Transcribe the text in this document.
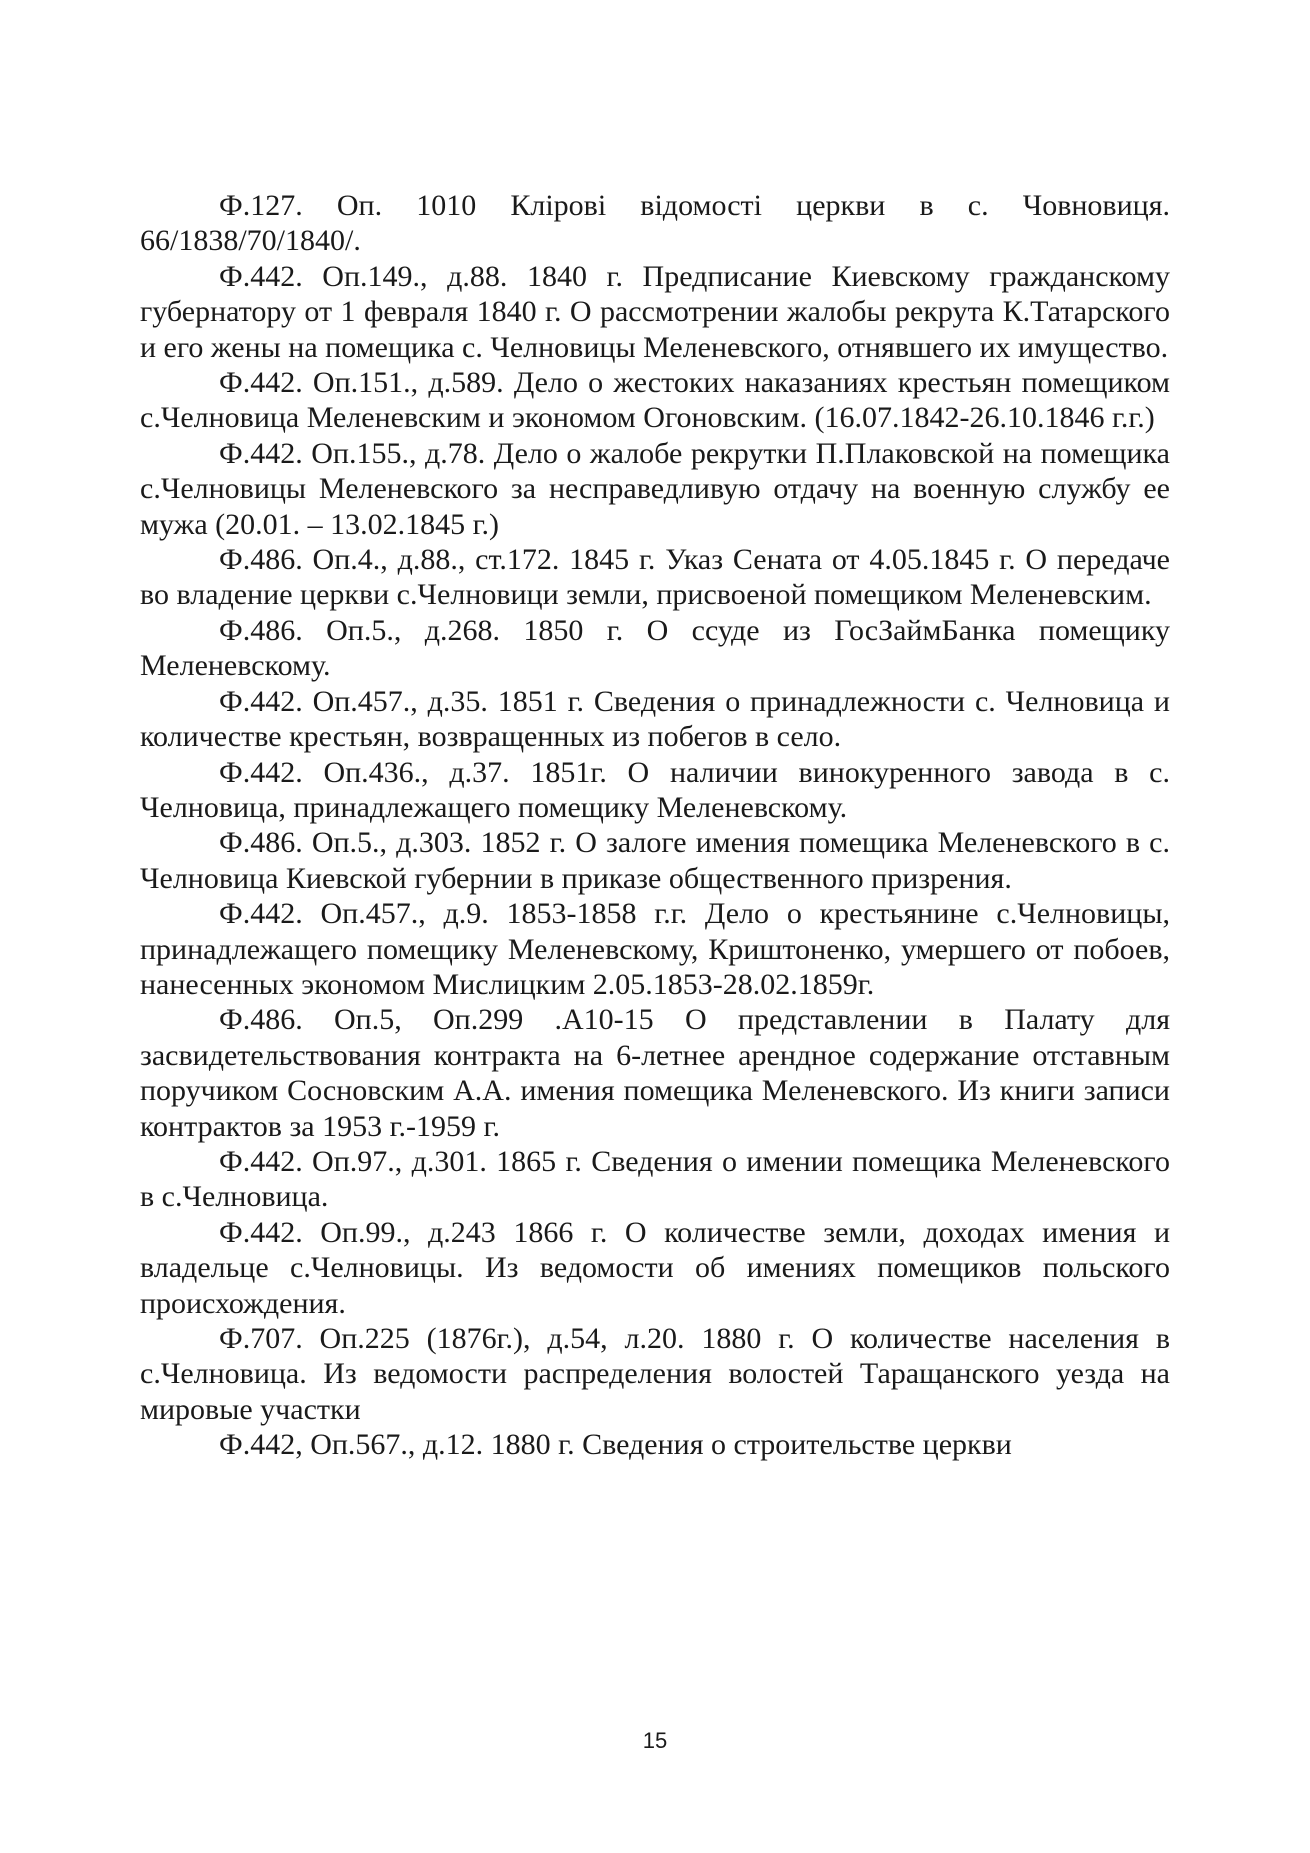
Ф.127. Оп. 1010 Клірові відомості церкви в с. Човновиця. 66/1838/70/1840/.

Ф.442. Оп.149., д.88. 1840 г. Предписание Киевскому гражданскому губернатору от 1 февраля 1840 г. О рассмотрении жалобы рекрута К.Татарского и его жены на помещика с. Челновицы Меленевского, отнявшего их имущество.

Ф.442. Оп.151., д.589. Дело о жестоких наказаниях крестьян помещиком с.Челновица Меленевским и экономом Огоновским. (16.07.1842-26.10.1846 г.г.)

Ф.442. Оп.155., д.78. Дело о жалобе рекрутки П.Плаковской на помещика с.Челновицы Меленевского за несправедливую отдачу на военную службу ее мужа (20.01. – 13.02.1845 г.)

Ф.486. Оп.4., д.88., ст.172. 1845 г. Указ Сената от 4.05.1845 г. О передаче во владение церкви с.Челновици земли, присвоеной помещиком Меленевским.

Ф.486. Оп.5., д.268. 1850 г. О ссуде из ГосЗаймБанка помещику Меленевскому.

Ф.442. Оп.457., д.35. 1851 г. Сведения о принадлежности с. Челновица и количестве крестьян, возвращенных из побегов в село.

Ф.442. Оп.436., д.37. 1851г. О наличии винокуренного завода в с. Челновица, принадлежащего помещику Меленевскому.

Ф.486. Оп.5., д.303. 1852 г. О залоге имения помещика Меленевского в с. Челновица Киевской губернии в приказе общественного призрения.

Ф.442. Оп.457., д.9. 1853-1858 г.г. Дело о крестьянине с.Челновицы, принадлежащего помещику Меленевскому, Криштоненко, умершего от побоев, нанесенных экономом Мислицким 2.05.1853-28.02.1859г.

Ф.486. Оп.5, Оп.299 .А10-15 О представлении в Палату для засвидетельствования контракта на 6-летнее арендное содержание отставным поручиком Сосновским А.А. имения помещика Меленевского. Из книги записи контрактов за 1953 г.-1959 г.

Ф.442. Оп.97., д.301. 1865 г. Сведения о имении помещика Меленевского в с.Челновица.

Ф.442. Оп.99., д.243 1866 г. О количестве земли, доходах имения и владельце с.Челновицы. Из ведомости об имениях помещиков польского происхождения.

Ф.707. Оп.225 (1876г.), д.54, л.20. 1880 г. О количестве населения в с.Челновица. Из ведомости распределения волостей Таращанского уезда на мировые участки

Ф.442, Оп.567., д.12. 1880 г. Сведения о строительстве церкви

15
